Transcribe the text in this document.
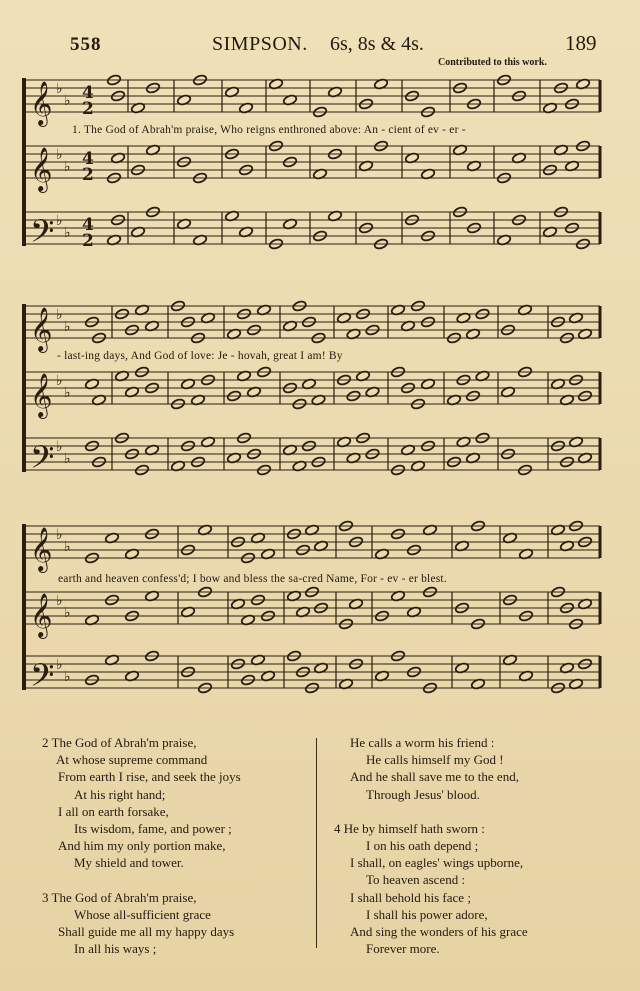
558	SIMPSON. 6s, 8s & 4s.	189
Contributed to this work.
𝄞 ♭
♭ 4
2
𝄞 ♭
♭ 4
2
𝄢 ♭
♭ 4
2
𝄞 ♭
♭
𝄞 ♭
♭
𝄢 ♭
♭
𝄞 ♭
♭
𝄞 ♭
♭
𝄢 ♭
♭
1. The God of Abrah'm praise, Who reigns enthroned above: An - cient of ev - er -
- last-ing days, And God of love: Je - hovah, great I am! By
earth and heaven confess'd; I bow and bless the sa-cred Name, For - ev - er blest.
2 The God of Abrah'm praise,
At whose supreme command
From earth I rise, and seek the joys
At his right hand;
I all on earth forsake,
Its wisdom, fame, and power ;
And him my only portion make,
My shield and tower.
3 The God of Abrah'm praise,
Whose all-sufficient grace
Shall guide me all my happy days
In all his ways ;
He calls a worm his friend :
He calls himself my God !
And he shall save me to the end,
Through Jesus' blood.
4 He by himself hath sworn :
I on his oath depend ;
I shall, on eagles' wings upborne,
To heaven ascend :
I shall behold his face ;
I shall his power adore,
And sing the wonders of his grace
Forever more.
